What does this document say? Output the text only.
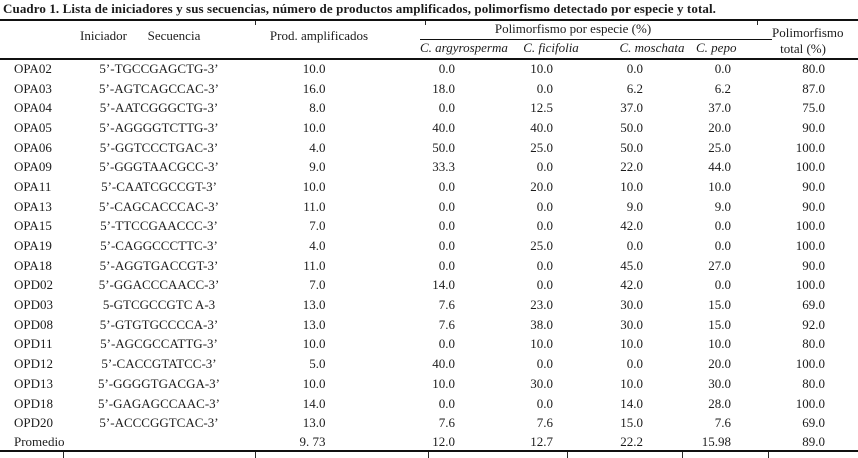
Cuadro 1. Lista de iniciadores y sus secuencias, número de productos amplificados, polimorfismo detectado por especie y total.
Iniciador	Secuencia	Prod. amplificados	Polimorfismo por especie (%)				Polimorfismo
total (%)
			C. argyrosperma	C. ficifolia	C. moschata	C. pepo	
OPA02	5’-TGCCGAGCTG-3’	10.0	0.0	10.0	0.0	0.0	80.0
OPA03	5’-AGTCAGCCAC-3’	16.0	18.0	0.0	6.2	6.2	87.0
OPA04	5’-AATCGGGCTG-3’	8.0	0.0	12.5	37.0	37.0	75.0
OPA05	5’-AGGGGTCTTG-3’	10.0	40.0	40.0	50.0	20.0	90.0
OPA06	5’-GGTCCCTGAC-3’	4.0	50.0	25.0	50.0	25.0	100.0
OPA09	5’-GGGTAACGCC-3’	9.0	33.3	0.0	22.0	44.0	100.0
OPA11	5’-CAATCGCCGT-3’	10.0	0.0	20.0	10.0	10.0	90.0
OPA13	5’-CAGCACCCAC-3’	11.0	0.0	0.0	9.0	9.0	90.0
OPA15	5’-TTCCGAACCC-3’	7.0	0.0	0.0	42.0	0.0	100.0
OPA19	5’-CAGGCCCTTC-3’	4.0	0.0	25.0	0.0	0.0	100.0
OPA18	5’-AGGTGACCGT-3’	11.0	0.0	0.0	45.0	27.0	90.0
OPD02	5’-GGACCCAACC-3’	7.0	14.0	0.0	42.0	0.0	100.0
OPD03	5-GTCGCCGTC A-3	13.0	7.6	23.0	30.0	15.0	69.0
OPD08	5’-GTGTGCCCCA-3’	13.0	7.6	38.0	30.0	15.0	92.0
OPD11	5’-AGCGCCATTG-3’	10.0	0.0	10.0	10.0	10.0	80.0
OPD12	5’-CACCGTATCC-3’	5.0	40.0	0.0	0.0	20.0	100.0
OPD13	5’-GGGGTGACGA-3’	10.0	10.0	30.0	10.0	30.0	80.0
OPD18	5’-GAGAGCCAAC-3’	14.0	0.0	0.0	14.0	28.0	100.0
OPD20	5’-ACCCGGTCAC-3’	13.0	7.6	7.6	15.0	7.6	69.0
Promedio		9. 73	12.0	12.7	22.2	15.98	89.0
